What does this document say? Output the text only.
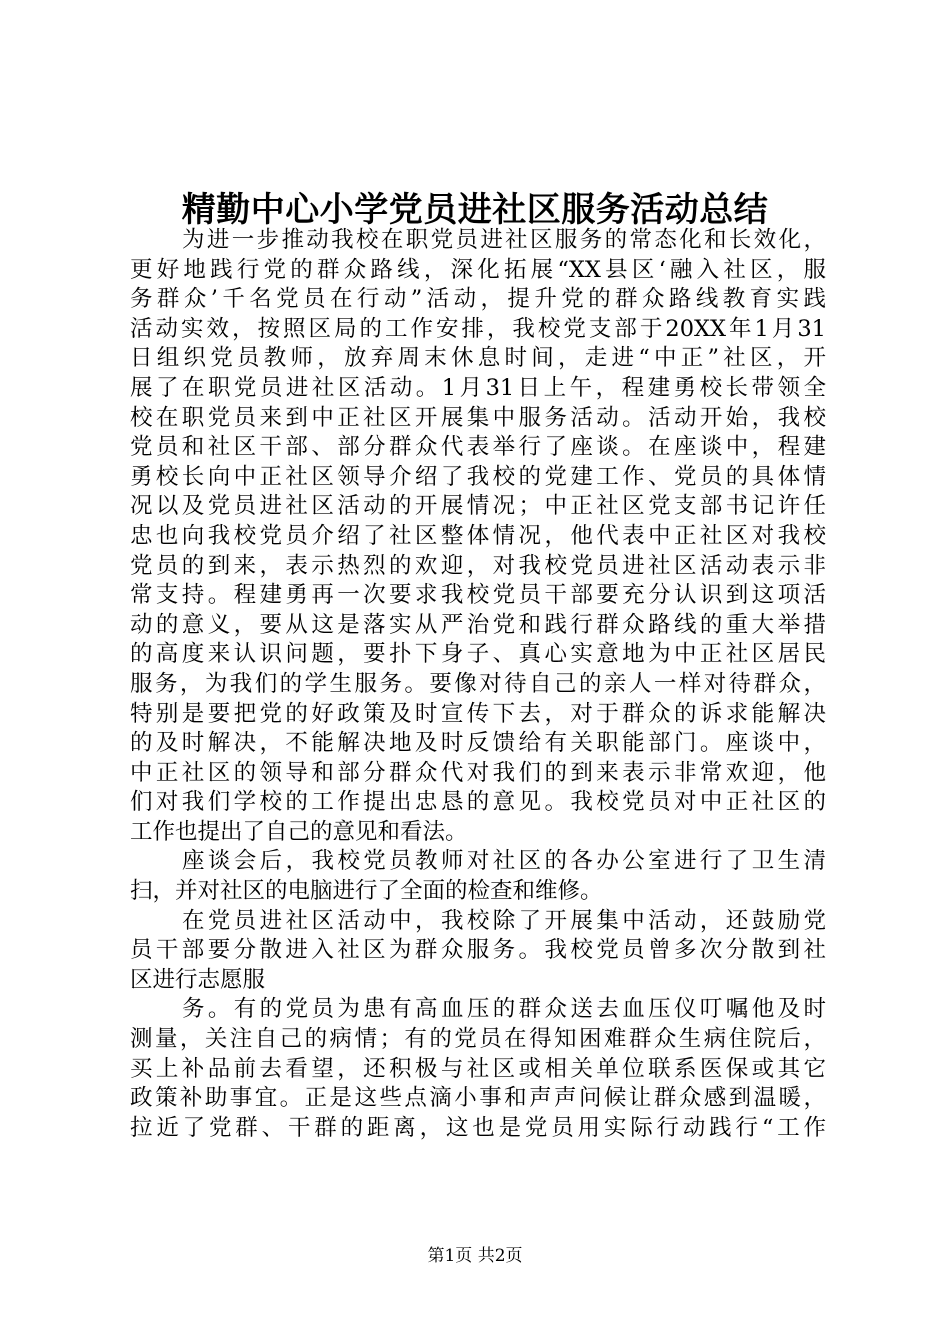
精勤中心小学党员进社区服务活动总结
为进一步推动我校在职党员进社区服务的常态化和长效化，
更好地践行党的群众路线，深化拓展“XX县区‘融入社区，服
务群众’千名党员在行动”活动，提升党的群众路线教育实践
活动实效，按照区局的工作安排，我校党支部于20XX年1月31
日组织党员教师，放弃周末休息时间，走进“中正”社区，开
展了在职党员进社区活动。1月31日上午，程建勇校长带领全
校在职党员来到中正社区开展集中服务活动。活动开始，我校
党员和社区干部、部分群众代表举行了座谈。在座谈中，程建
勇校长向中正社区领导介绍了我校的党建工作、党员的具体情
况以及党员进社区活动的开展情况；中正社区党支部书记许任
忠也向我校党员介绍了社区整体情况，他代表中正社区对我校
党员的到来，表示热烈的欢迎，对我校党员进社区活动表示非
常支持。程建勇再一次要求我校党员干部要充分认识到这项活
动的意义，要从这是落实从严治党和践行群众路线的重大举措
的高度来认识问题，要扑下身子、真心实意地为中正社区居民
服务，为我们的学生服务。要像对待自己的亲人一样对待群众，
特别是要把党的好政策及时宣传下去，对于群众的诉求能解决
的及时解决，不能解决地及时反馈给有关职能部门。座谈中，
中正社区的领导和部分群众代对我们的到来表示非常欢迎，他
们对我们学校的工作提出忠恳的意见。我校党员对中正社区的
工作也提出了自己的意见和看法。
座谈会后，我校党员教师对社区的各办公室进行了卫生清
扫，并对社区的电脑进行了全面的检查和维修。
在党员进社区活动中，我校除了开展集中活动，还鼓励党
员干部要分散进入社区为群众服务。我校党员曾多次分散到社
区进行志愿服
务。有的党员为患有高血压的群众送去血压仪叮嘱他及时
测量，关注自己的病情；有的党员在得知困难群众生病住院后，
买上补品前去看望，还积极与社区或相关单位联系医保或其它
政策补助事宜。正是这些点滴小事和声声问候让群众感到温暖，
拉近了党群、干群的距离，这也是党员用实际行动践行“工作
第1页 共2页
